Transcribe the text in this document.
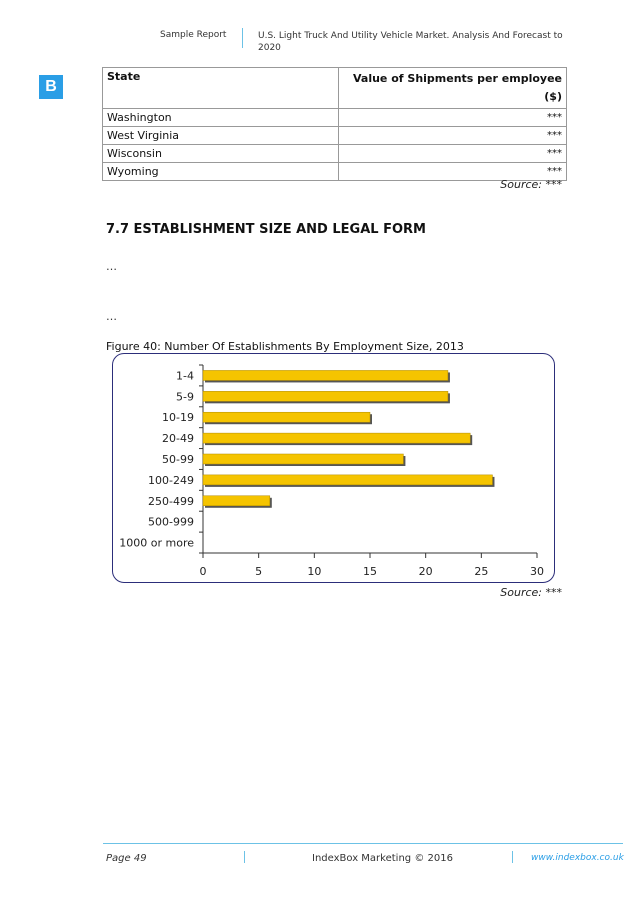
Sample Report	U.S. Light Truck And Utility Vehicle Market. Analysis And Forecast to 2020
B
State	Value of Shipments per employee ($)
Washington	***
West Virginia	***
Wisconsin	***
Wyoming	***
Source: ***
7.7 ESTABLISHMENT SIZE AND LEGAL FORM
…
…
Figure 40: Number Of Establishments By Employment Size, 2013
1-4
5-9
10-19
20-49
50-99
100-249
250-499
500-999
1000 or more
0	5	10	15	20	25	30
Source: ***
Page 49	IndexBox Marketing © 2016	www.indexbox.co.uk
